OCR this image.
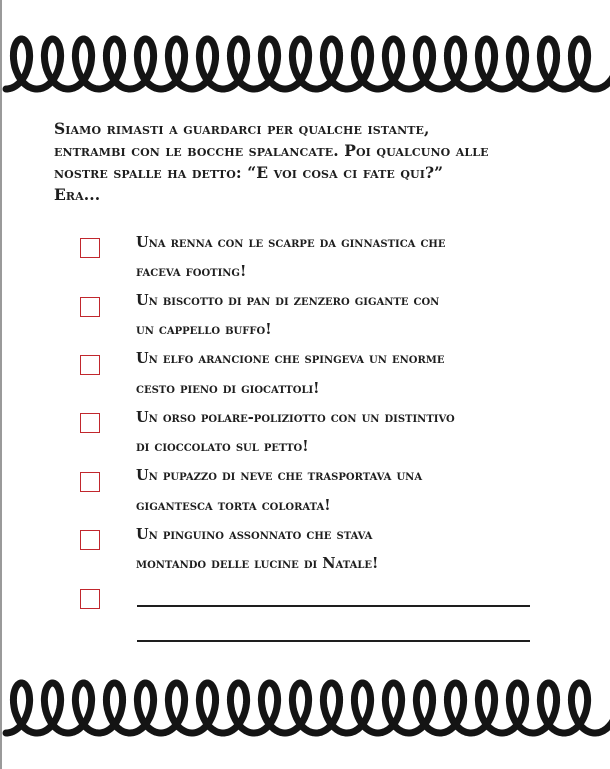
Siamo rimasti a guardarci per qualche istante,

entrambi con le bocche spalancate. Poi qualcuno alle

nostre spalle ha detto: “E voi cosa ci fate qui?”

Era...

Una renna con le scarpe da ginnastica che
faceva footing!
Un biscotto di pan di zenzero gigante con
un cappello buffo!
Un elfo arancione che spingeva un enorme
cesto pieno di giocattoli!
Un orso polare-poliziotto con un distintivo
di cioccolato sul petto!
Un pupazzo di neve che trasportava una
gigantesca torta colorata!
Un pinguino assonnato che stava
montando delle lucine di Natale!
